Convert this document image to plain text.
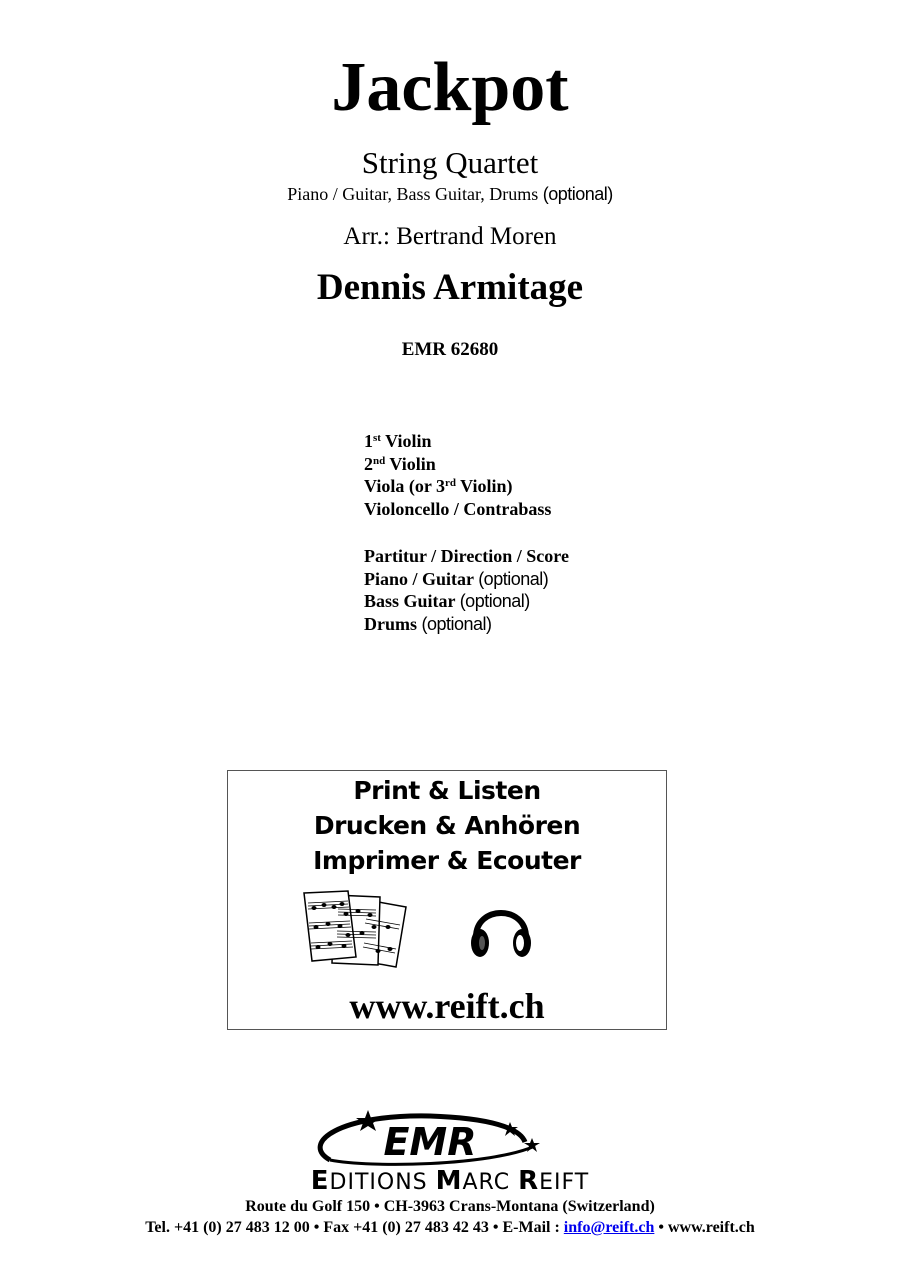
Jackpot
String Quartet
Piano / Guitar, Bass Guitar, Drums (optional)
Arr.: Bertrand Moren
Dennis Armitage
EMR 62680
1st Violin
2nd Violin
Viola (or 3rd Violin)
Violoncello / Contrabass
Partitur / Direction / Score
Piano / Guitar (optional)
Bass Guitar (optional)
Drums (optional)
Print & Listen
Drucken & Anhören
Imprimer & Ecouter
www.reift.ch
EMR
EDITIONS MARC REIFT
Route du Golf 150 • CH-3963 Crans-Montana (Switzerland)
Tel. +41 (0) 27 483 12 00 • Fax +41 (0) 27 483 42 43 • E-Mail : info@reift.ch • www.reift.ch
